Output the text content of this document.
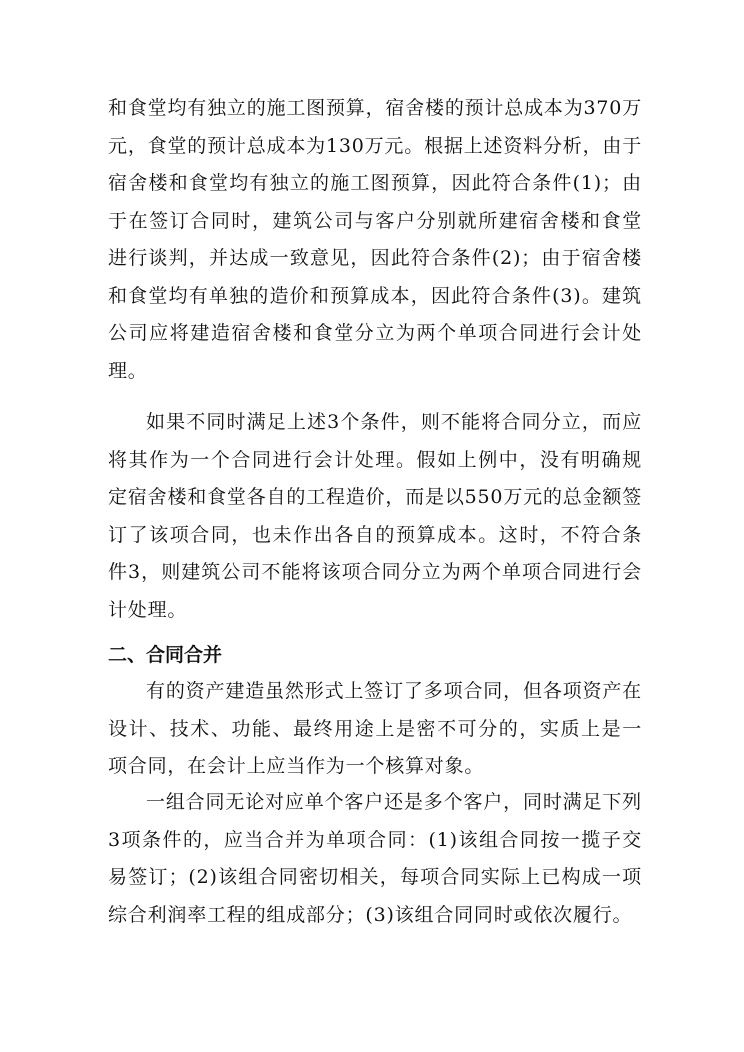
和食堂均有独立的施工图预算，宿舍楼的预计总成本为370万元，食堂的预计总成本为130万元。根据上述资料分析，由于宿舍楼和食堂均有独立的施工图预算，因此符合条件(1)；由于在签订合同时，建筑公司与客户分别就所建宿舍楼和食堂进行谈判，并达成一致意见，因此符合条件(2)；由于宿舍楼和食堂均有单独的造价和预算成本，因此符合条件(3)。建筑公司应将建造宿舍楼和食堂分立为两个单项合同进行会计处理。

如果不同时满足上述3个条件，则不能将合同分立，而应将其作为一个合同进行会计处理。假如上例中，没有明确规定宿舍楼和食堂各自的工程造价，而是以550万元的总金额签订了该项合同，也未作出各自的预算成本。这时，不符合条件3，则建筑公司不能将该项合同分立为两个单项合同进行会计处理。

二、合同合并

有的资产建造虽然形式上签订了多项合同，但各项资产在设计、技术、功能、最终用途上是密不可分的，实质上是一项合同，在会计上应当作为一个核算对象。

一组合同无论对应单个客户还是多个客户，同时满足下列3项条件的，应当合并为单项合同：(1)该组合同按一揽子交易签订；(2)该组合同密切相关，每项合同实际上已构成一项综合利润率工程的组成部分；(3)该组合同同时或依次履行。
